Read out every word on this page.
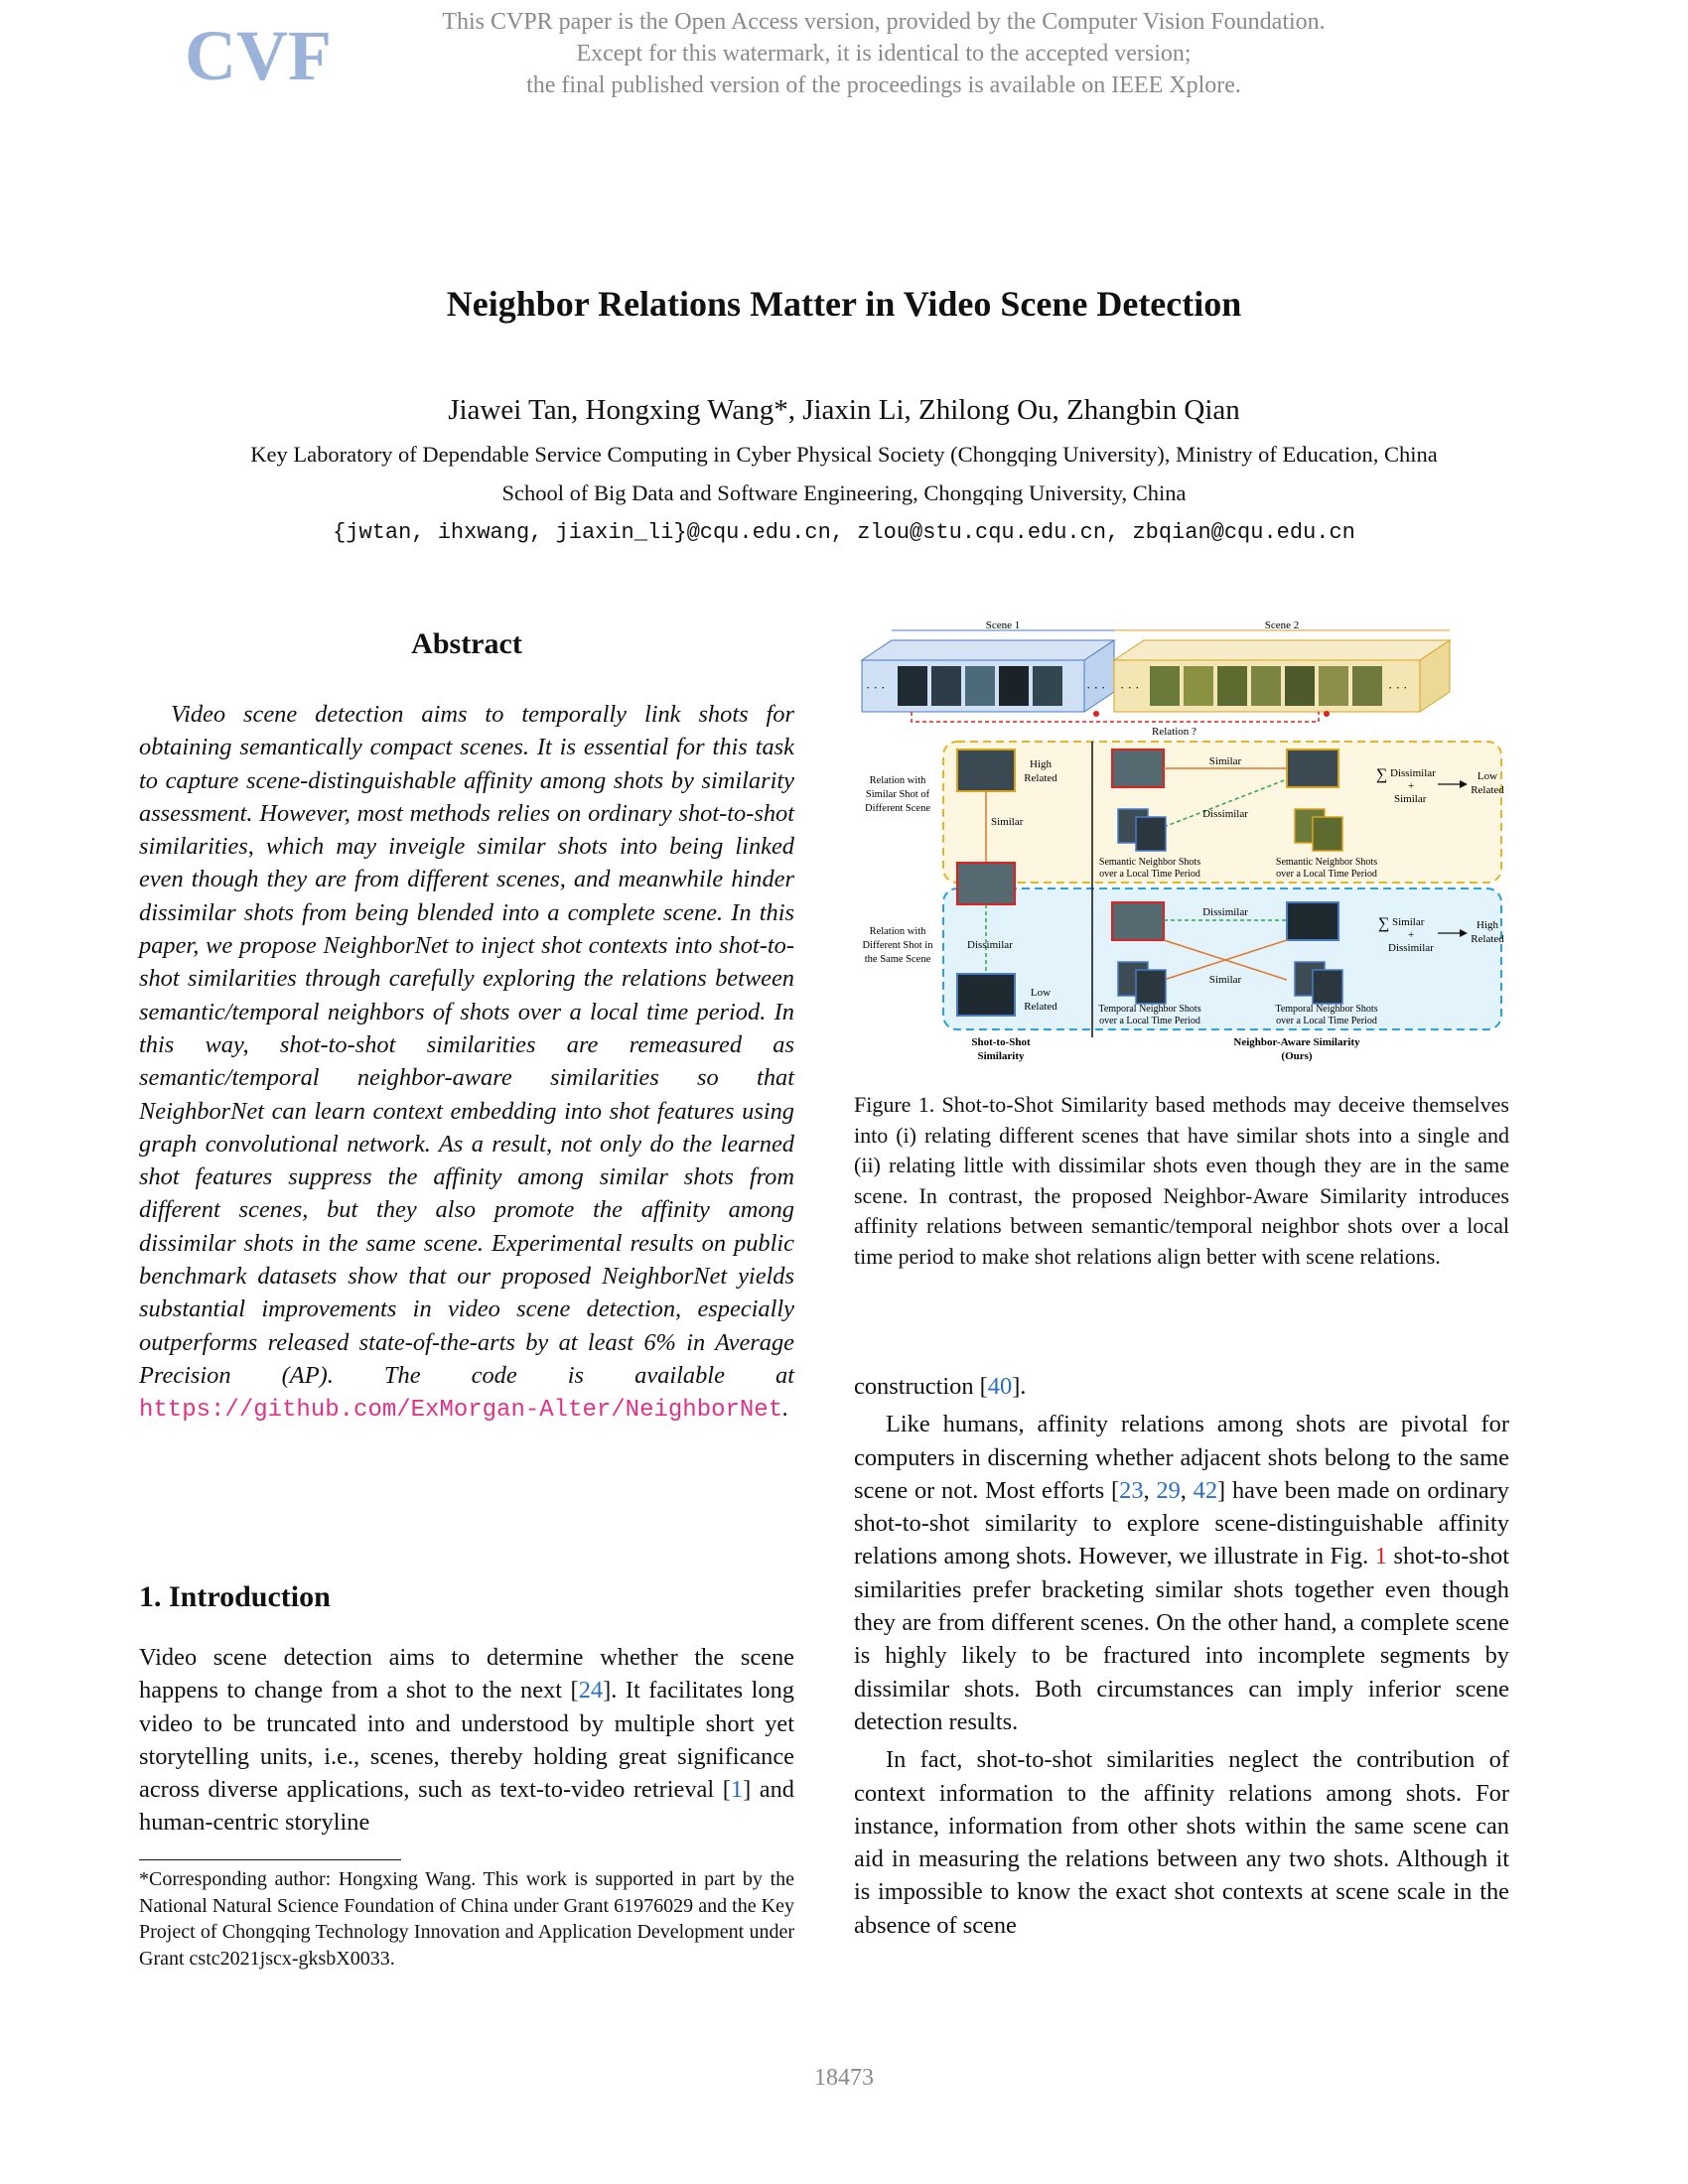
CVF	This CVPR paper is the Open Access version, provided by the Computer Vision Foundation.
Except for this watermark, it is identical to the accepted version;
the final published version of the proceedings is available on IEEE Xplore.
Neighbor Relations Matter in Video Scene Detection
Jiawei Tan, Hongxing Wang*, Jiaxin Li, Zhilong Ou, Zhangbin Qian
Key Laboratory of Dependable Service Computing in Cyber Physical Society (Chongqing University), Ministry of Education, China
School of Big Data and Software Engineering, Chongqing University, China
{jwtan, ihxwang, jiaxin_li}@cqu.edu.cn, zlou@stu.cqu.edu.cn, zbqian@cqu.edu.cn
Abstract

Video scene detection aims to temporally link shots for obtaining semantically compact scenes. It is essential for this task to capture scene-distinguishable affinity among shots by similarity assessment. However, most methods relies on ordinary shot-to-shot similarities, which may inveigle similar shots into being linked even though they are from different scenes, and meanwhile hinder dissimilar shots from being blended into a complete scene. In this paper, we propose NeighborNet to inject shot contexts into shot-to-shot similarities through carefully exploring the relations between semantic/temporal neighbors of shots over a local time period. In this way, shot-to-shot similarities are remeasured as semantic/temporal neighbor-aware similarities so that NeighborNet can learn context embedding into shot features using graph convolutional network. As a result, not only do the learned shot features suppress the affinity among similar shots from different scenes, but they also promote the affinity among dissimilar shots in the same scene. Experimental results on public benchmark datasets show that our proposed NeighborNet yields substantial improvements in video scene detection, especially outperforms released state-of-the-arts by at least 6% in Average Precision (AP). The code is available at https://github.com/ExMorgan-Alter/NeighborNet.

1. Introduction

Video scene detection aims to determine whether the scene happens to change from a shot to the next [24]. It facilitates long video to be truncated into and understood by multiple short yet storytelling units, i.e., scenes, thereby holding great significance across diverse applications, such as text-to-video retrieval [1] and human-centric storyline

*Corresponding author: Hongxing Wang. This work is supported in part by the National Natural Science Foundation of China under Grant 61976029 and the Key Project of Chongqing Technology Innovation and Application Development under Grant cstc2021jscx-gksbX0033.
· · ·	· · · · · ·	· · ·
Scene 1	Scene 2
Relation ?
Relation with
Similar Shot of
Different Scene
Relation with
Different Shot in
the Same Scene
High
Related
Similar
Dissimilar
Low
Related
Shot-to-Shot
Similarity
Similar
Dissimilar
Semantic Neighbor Shots
over a Local Time Period
Semantic Neighbor Shots
over a Local Time Period
∑ Dissimilar
+
Similar
Low
Related
Dissimilar
Similar
Temporal Neighbor Shots
over a Local Time Period
Temporal Neighbor Shots
over a Local Time Period
∑ Similar
+
Dissimilar
High
Related
Neighbor-Aware Similarity
(Ours)
Figure 1. Shot-to-Shot Similarity based methods may deceive themselves into (i) relating different scenes that have similar shots into a single and (ii) relating little with dissimilar shots even though they are in the same scene. In contrast, the proposed Neighbor-Aware Similarity introduces affinity relations between semantic/temporal neighbor shots over a local time period to make shot relations align better with scene relations.

construction [40].

Like humans, affinity relations among shots are pivotal for computers in discerning whether adjacent shots belong to the same scene or not. Most efforts [23, 29, 42] have been made on ordinary shot-to-shot similarity to explore scene-distinguishable affinity relations among shots. However, we illustrate in Fig. 1 shot-to-shot similarities prefer bracketing similar shots together even though they are from different scenes. On the other hand, a complete scene is highly likely to be fractured into incomplete segments by dissimilar shots. Both circumstances can imply inferior scene detection results.

In fact, shot-to-shot similarities neglect the contribution of context information to the affinity relations among shots. For instance, information from other shots within the same scene can aid in measuring the relations between any two shots. Although it is impossible to know the exact shot contexts at scene scale in the absence of scene

18473
